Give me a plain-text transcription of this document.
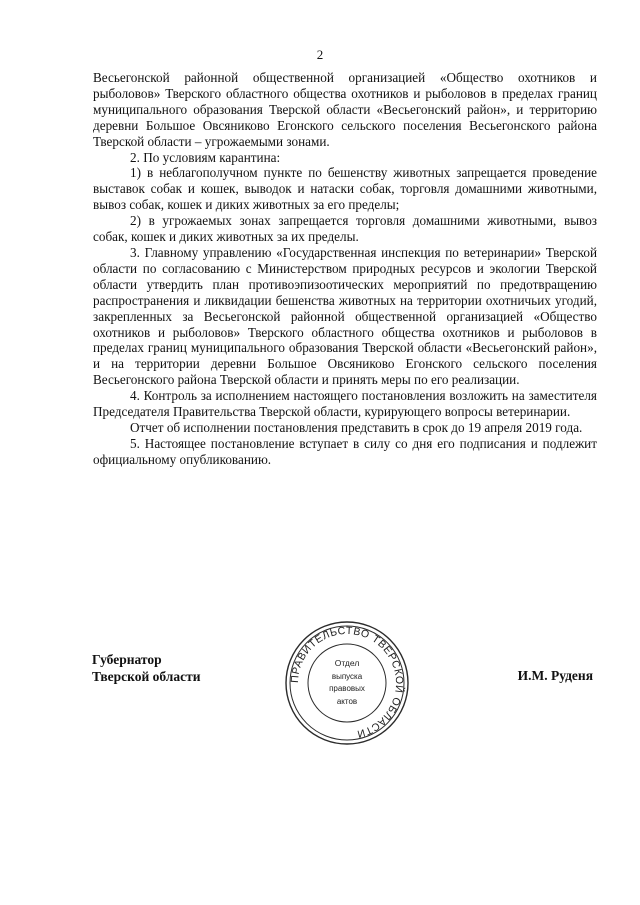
2

Весьегонской районной общественной организацией «Общество охотников и рыболовов» Тверского областного общества охотников и рыболовов в пределах границ муниципального образования Тверской области «Весьегонский район», и территорию деревни Большое Овсяниково Егонского сельского поселения Весьегонского района Тверской области – угрожаемыми зонами.

2. По условиям карантина:

1) в неблагополучном пункте по бешенству животных запрещается проведение выставок собак и кошек, выводок и натаски собак, торговля домашними животными, вывоз собак, кошек и диких животных за его пределы;

2) в угрожаемых зонах запрещается торговля домашними животными, вывоз собак, кошек и диких животных за их пределы.

3. Главному управлению «Государственная инспекция по ветеринарии» Тверской области по согласованию с Министерством природных ресурсов и экологии Тверской области утвердить план противоэпизоотических мероприятий по предотвращению распространения и ликвидации бешенства животных на территории охотничьих угодий, закрепленных за Весьегонской районной общественной организацией «Общество охотников и рыболовов» Тверского областного общества охотников и рыболовов в пределах границ муниципального образования Тверской области «Весьегонский район», и на территории деревни Большое Овсяниково Егонского сельского поселения Весьегонского района Тверской области и принять меры по его реализации.

4. Контроль за исполнением настоящего постановления возложить на заместителя Председателя Правительства Тверской области, курирующего вопросы ветеринарии.

Отчет об исполнении постановления представить в срок до 19 апреля 2019 года.

5. Настоящее постановление вступает в силу со дня его подписания и подлежит официальному опубликованию.

Губернатор
Тверской области	И.М. Руденя
ПРАВИТЕЛЬСТВО ТВЕРСКОЙ ОБЛАСТИ
Отдел
выпуска
правовых
актов
